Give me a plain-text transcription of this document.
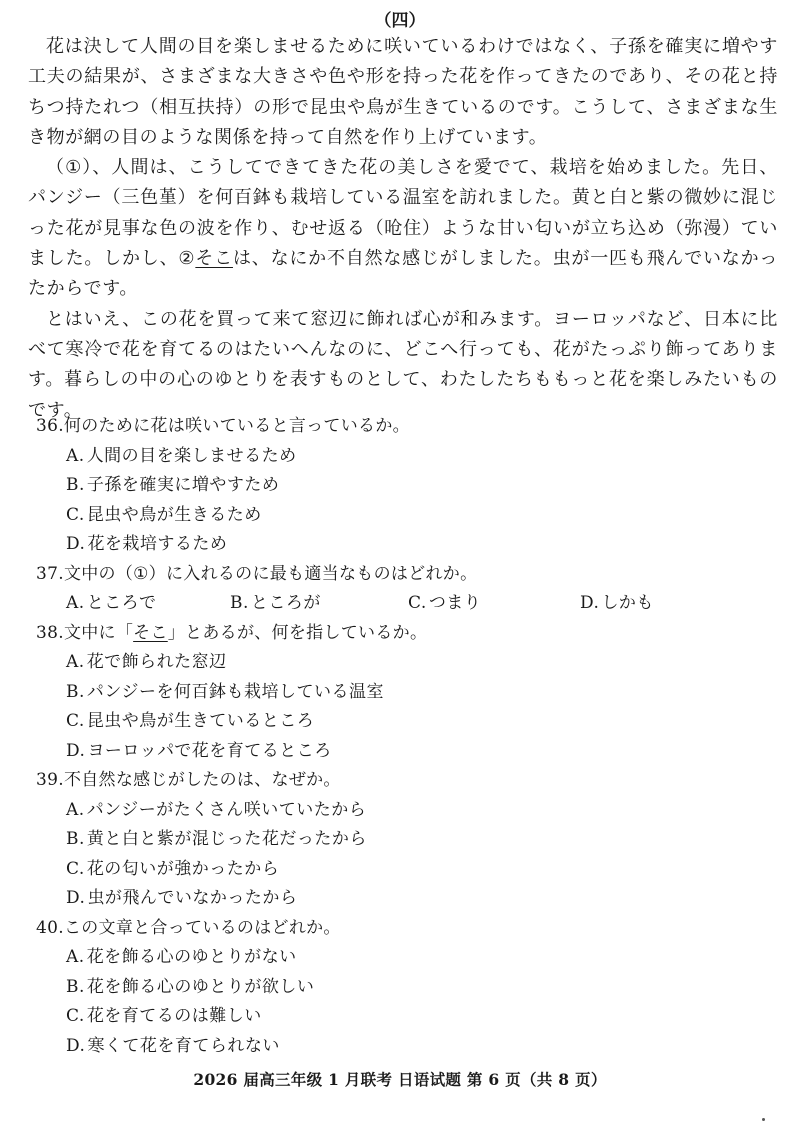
（四）

花は決して人間の目を楽しませるために咲いているわけではなく、子孫を確実に増やす工夫の結果が、さまざまな大きさや色や形を持った花を作ってきたのであり、その花と持ちつ持たれつ（相互扶持）の形で昆虫や鳥が生きているのです。こうして、さまざまな生き物が網の目のような関係を持って自然を作り上げています。

（①）、人間は、こうしてできてきた花の美しさを愛でて、栽培を始めました。先日、パンジー（三色堇）を何百鉢も栽培している温室を訪れました。黄と白と紫の微妙に混じった花が見事な色の波を作り、むせ返る（呛住）ような甘い匂いが立ち込め（弥漫）ていました。しかし、②そこは、なにか不自然な感じがしました。虫が一匹も飛んでいなかったからです。

とはいえ、この花を買って来て窓辺に飾れば心が和みます。ヨーロッパなど、日本に比べて寒冷で花を育てるのはたいへんなのに、どこへ行っても、花がたっぷり飾ってあります。暮らしの中の心のゆとりを表すものとして、わたしたちももっと花を楽しみたいものです。

36.何のために花は咲いていると言っているか。
A. 人間の目を楽しませるため
B. 子孫を確実に増やすため
C. 昆虫や鳥が生きるため
D. 花を栽培するため
37.文中の（①）に入れるのに最も適当なものはどれか。
A. ところで	B. ところが	C. つまり	D. しかも
38.文中に「そこ」とあるが、何を指しているか。
A. 花で飾られた窓辺
B. パンジーを何百鉢も栽培している温室
C. 昆虫や鳥が生きているところ
D. ヨーロッパで花を育てるところ
39.不自然な感じがしたのは、なぜか。
A. パンジーがたくさん咲いていたから
B. 黄と白と紫が混じった花だったから
C. 花の匂いが強かったから
D. 虫が飛んでいなかったから
40.この文章と合っているのはどれか。
A. 花を飾る心のゆとりがない
B. 花を飾る心のゆとりが欲しい
C. 花を育てるのは難しい
D. 寒くて花を育てられない
2026 届高三年级 1 月联考 日语试题 第 6 页（共 8 页）
